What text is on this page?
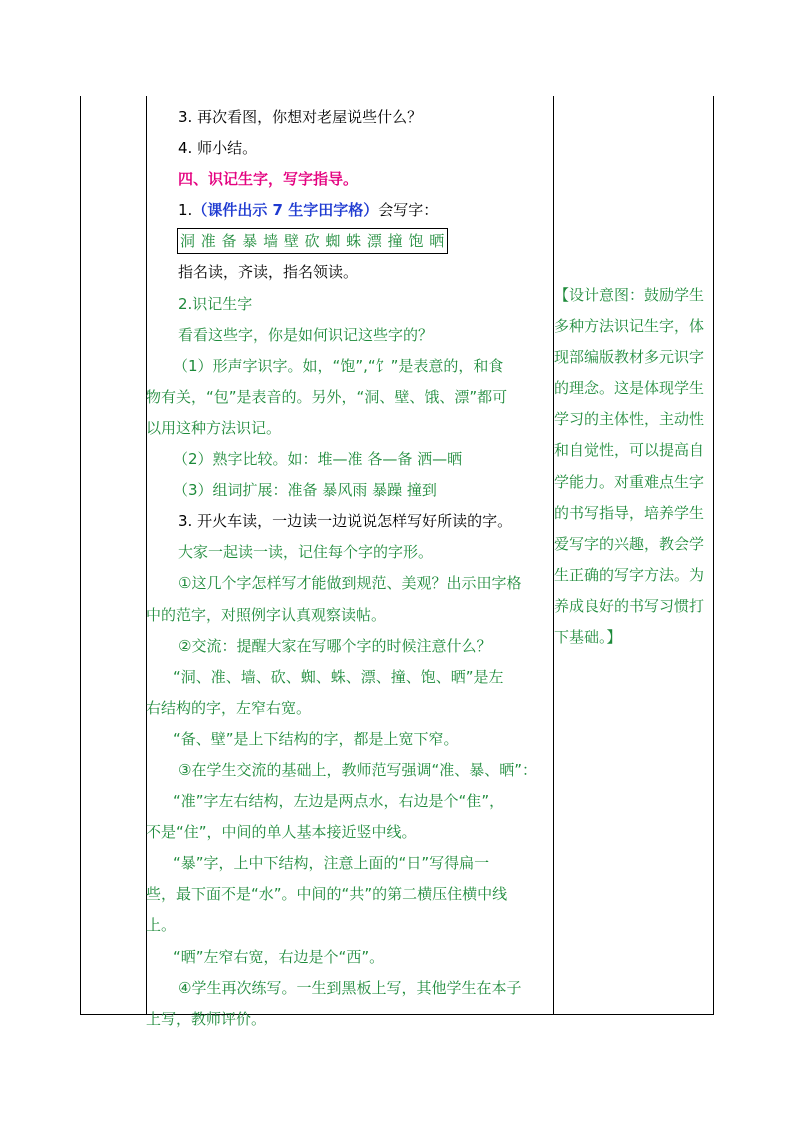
3. 再次看图，你想对老屋说些什么？
4. 师小结。
四、识记生字，写字指导。
1.（课件出示 7 生字田字格）会写字：
洞 准 备 暴 墙 壁 砍 蜘 蛛 漂 撞 饱 晒
指名读，齐读，指名领读。
2.识记生字
看看这些字，你是如何识记这些字的？
（1）形声字识字。如，“饱”,“饣”是表意的，和食
物有关，“包”是表音的。另外，“洞、壁、饿、漂”都可
以用这种方法识记。
（2）熟字比较。如：堆—准 各—备 洒—晒
（3）组词扩展：准备 暴风雨 暴躁 撞到
3. 开火车读，一边读一边说说怎样写好所读的字。
大家一起读一读，记住每个字的字形。
①这几个字怎样写才能做到规范、美观？出示田字格
中的范字，对照例字认真观察读帖。
②交流：提醒大家在写哪个字的时候注意什么？
“洞、准、墙、砍、蜘、蛛、漂、撞、饱、晒”是左
右结构的字，左窄右宽。
“备、壁”是上下结构的字，都是上宽下窄。
③在学生交流的基础上，教师范写强调“准、暴、晒”：
“准”字左右结构，左边是两点水，右边是个“隹”，
不是“住”，中间的单人基本接近竖中线。
“暴”字，上中下结构，注意上面的“日”写得扁一
些，最下面不是“水”。中间的“共”的第二横压住横中线
上。
“晒”左窄右宽，右边是个“西”。
④学生再次练写。一生到黑板上写，其他学生在本子
上写，教师评价。
【设计意图：鼓励学生多种方法识记生字，体现部编版教材多元识字的理念。这是体现学生学习的主体性，主动性和自觉性，可以提高自学能力。对重难点生字的书写指导，培养学生爱写字的兴趣，教会学生正确的写字方法。为养成良好的书写习惯打下基础。】
